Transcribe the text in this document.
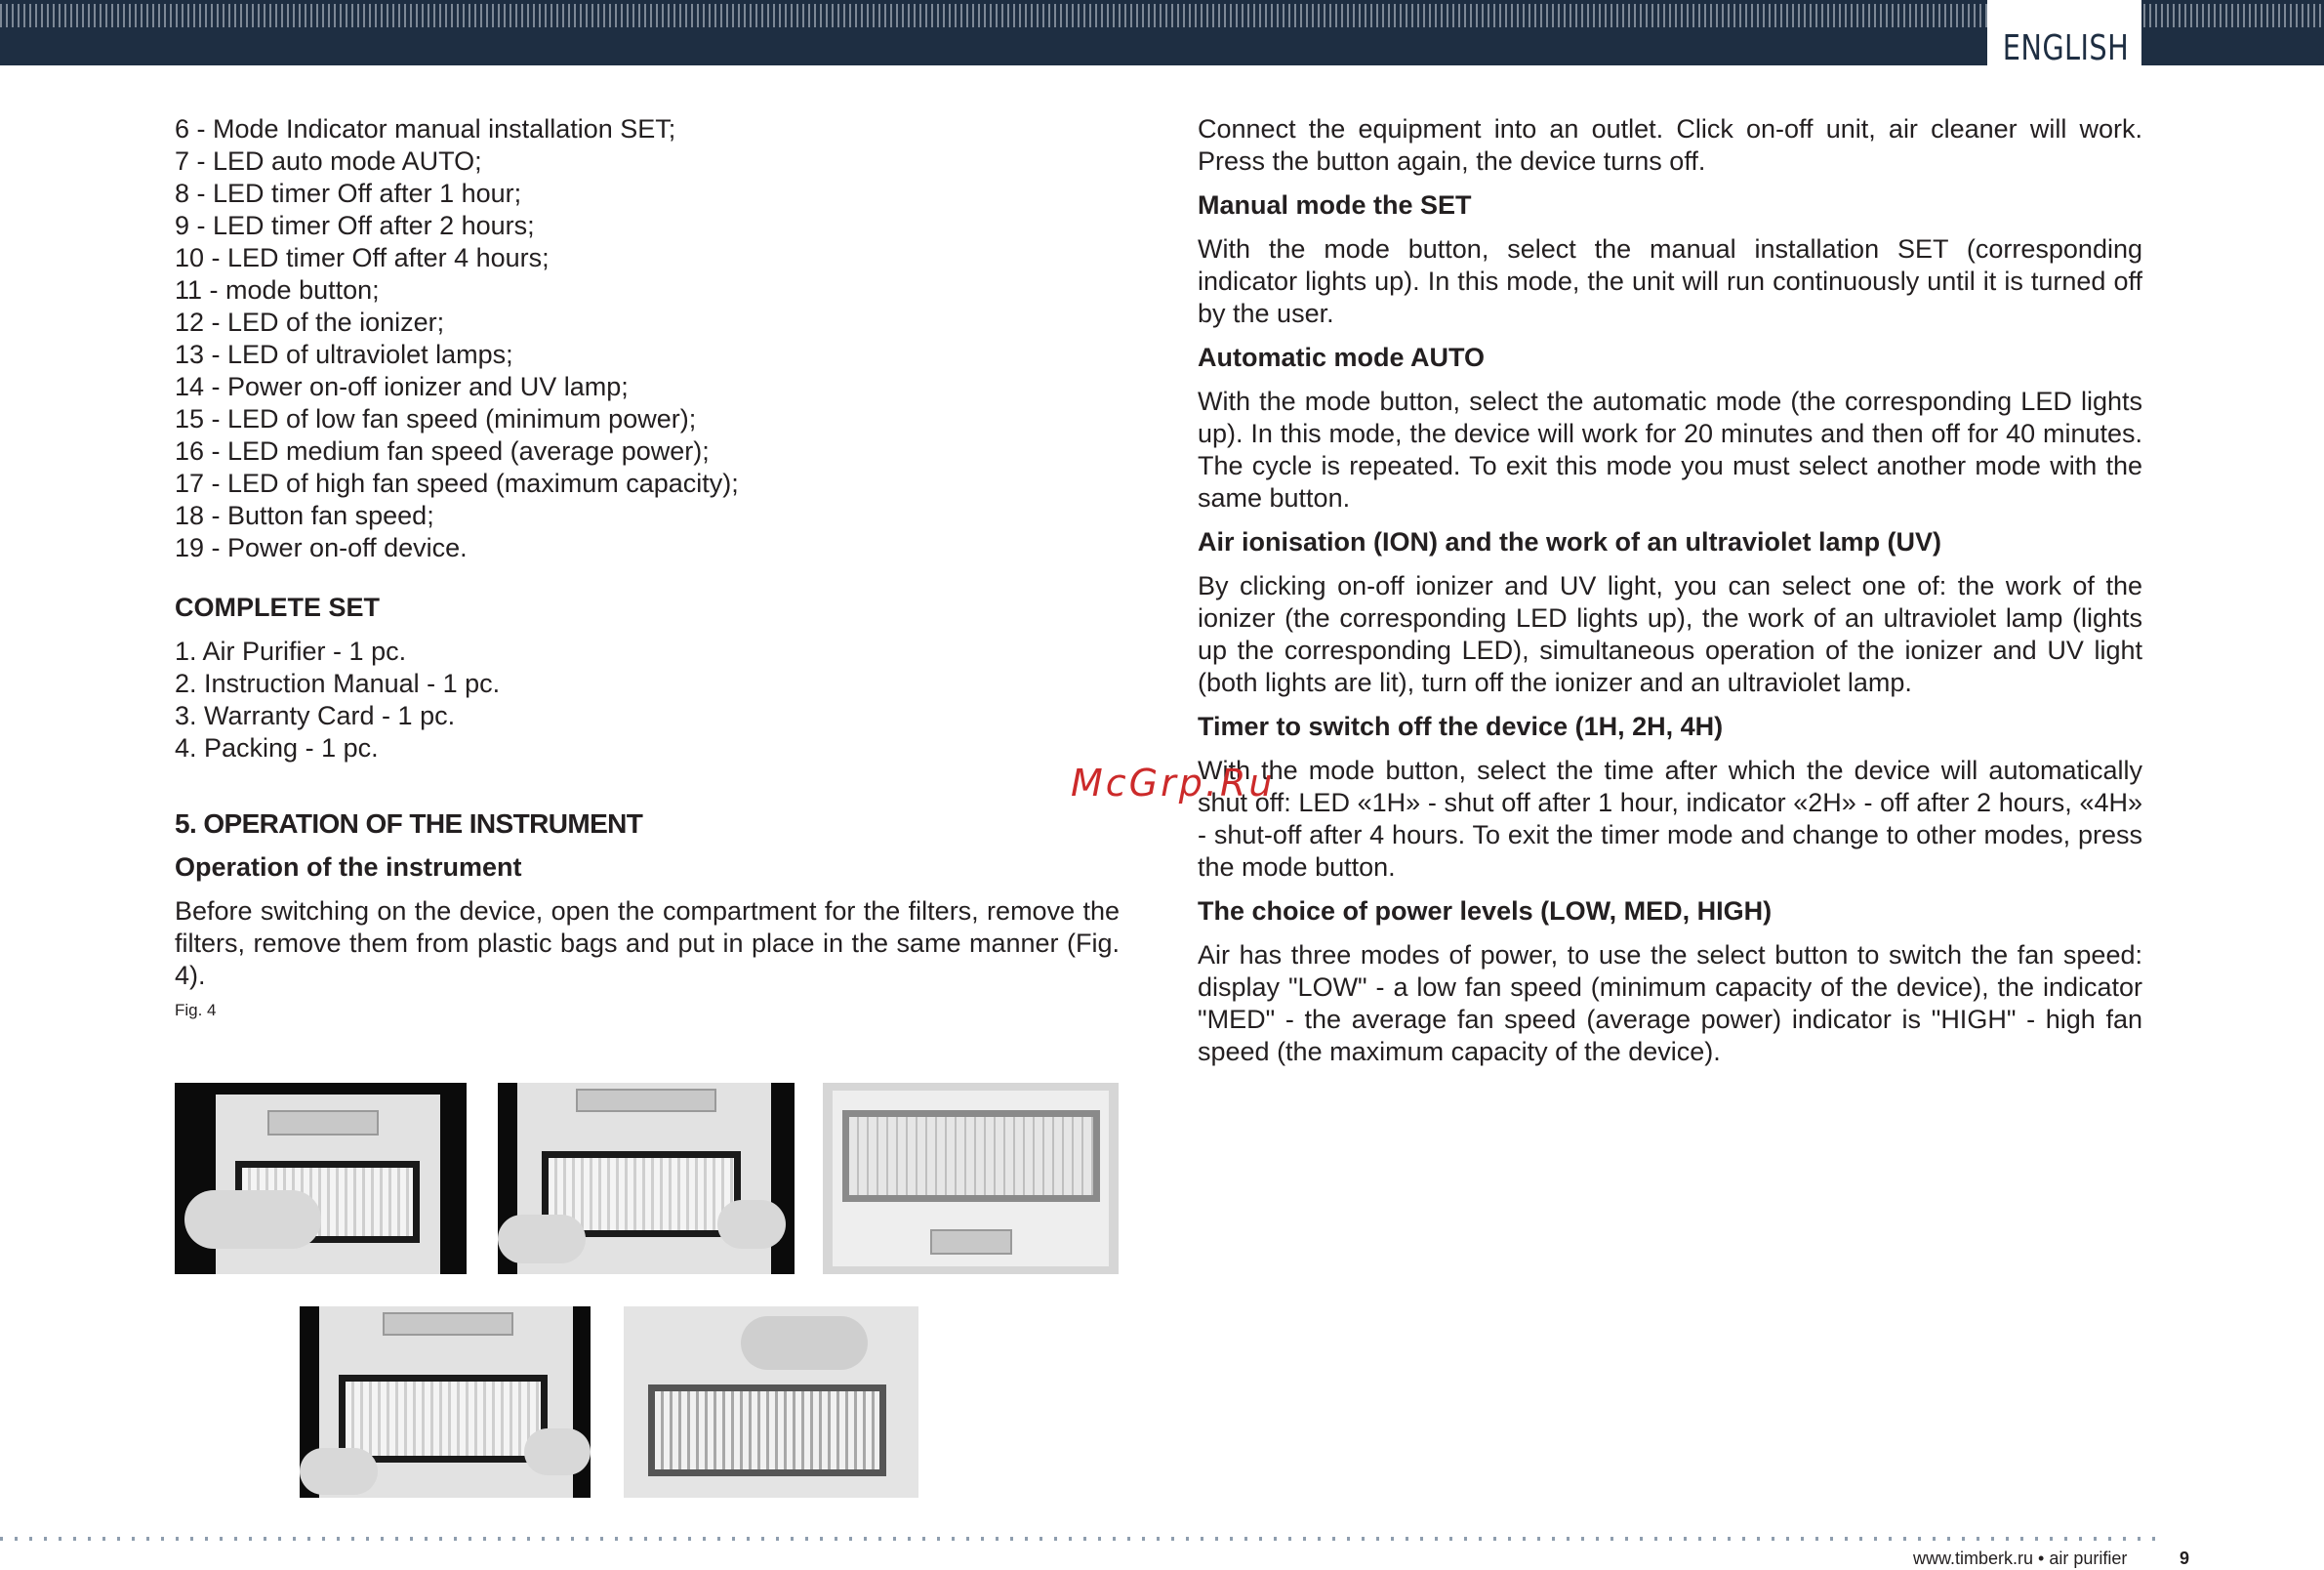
ENGLISH
6 - Mode Indicator manual installation SET;
7 - LED auto mode AUTO;
8 - LED timer Off after 1 hour;
9 - LED timer Off after 2 hours;
10 - LED timer Off after 4 hours;
11 - mode button;
12 - LED of the ionizer;
13 - LED of ultraviolet lamps;
14 - Power on-off ionizer and UV lamp;
15 - LED of low fan speed (minimum power);
16 - LED medium fan speed (average power);
17 - LED of high fan speed (maximum capacity);
18 - Button fan speed;
19 - Power on-off device.
COMPLETE SET
1. Air Purifier - 1 pc.
2. Instruction Manual - 1 pc.
3. Warranty Card - 1 pc.
4. Packing - 1 pc.
5. OPERATION OF THE INSTRUMENT
Operation of the instrument
Before switching on the device, open the compartment for the filters, remove the filters, remove them from plastic bags and put in place in the same manner (Fig. 4).
Fig. 4
Connect the equipment into an outlet. Click on-off unit, air cleaner will work. Press the button again, the device turns off.
Manual mode the SET
With the mode button, select the manual installation SET (corresponding indicator lights up). In this mode, the unit will run continuously until it is turned off by the user.
Automatic mode AUTO
With the mode button, select the automatic mode (the corresponding LED lights up). In this mode, the device will work for 20 minutes and then off for 40 minutes. The cycle is repeated. To exit this mode you must select another mode with the same button.
Air ionisation (ION) and the work of an ultraviolet lamp (UV)
By clicking on-off ionizer and UV light, you can select one of: the work of the ionizer (the corresponding LED lights up), the work of an ultraviolet lamp (lights up the corresponding LED), simultaneous operation of the ionizer and UV light (both lights are lit), turn off the ionizer and an ultraviolet lamp.
Timer to switch off the device (1H, 2H, 4H)
With the mode button, select the time after which the device will automatically shut off: LED «1H» - shut off after 1 hour, indicator «2H» - off after 2 hours, «4H» - shut-off after 4 hours. To exit the timer mode and change to other modes, press the mode button.
The choice of power levels (LOW, MED, HIGH)
Air has three modes of power, to use the select button to switch the fan speed: display "LOW" - a low fan speed (minimum capacity of the device), the indicator "MED" - the average fan speed (average power) indicator is "HIGH" - high fan speed (the maximum capacity of the device).
McGrp.Ru
www.timberk.ru • air purifier	9
